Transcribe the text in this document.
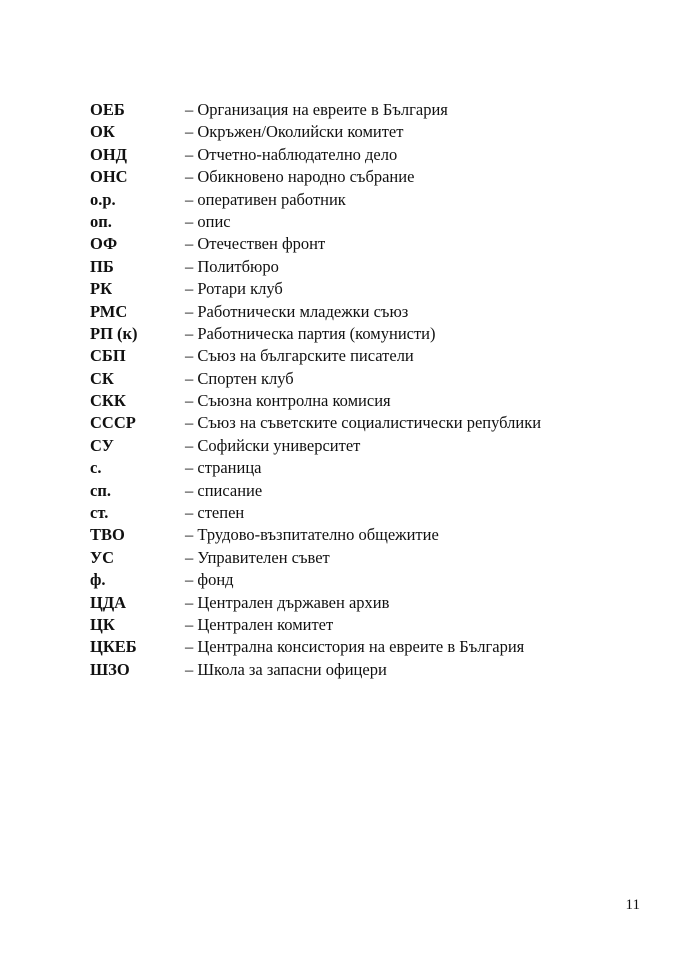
ОЕБ	– Организация на евреите в България
ОК	– Окръжен/Околийски комитет
ОНД	– Отчетно-наблюдателно дело
ОНС	– Обикновено народно събрание
о.р.	– оперативен работник
оп.	– опис
ОФ	– Отечествен фронт
ПБ	– Политбюро
РК	– Ротари клуб
РМС	– Работнически младежки съюз
РП (к)	– Работническа партия (комунисти)
СБП	– Съюз на българските писатели
СК	– Спортен клуб
СКК	– Съюзна контролна комисия
СССР	– Съюз на съветските социалистически републики
СУ	– Софийски университет
с.	– страница
сп.	– списание
ст.	– степен
ТВО	– Трудово-възпитателно общежитие
УС	– Управителен съвет
ф.	– фонд
ЦДА	– Централен държавен архив
ЦК	– Централен комитет
ЦКЕБ	– Централна консистория на евреите в България
ШЗО	– Школа за запасни офицери
11
